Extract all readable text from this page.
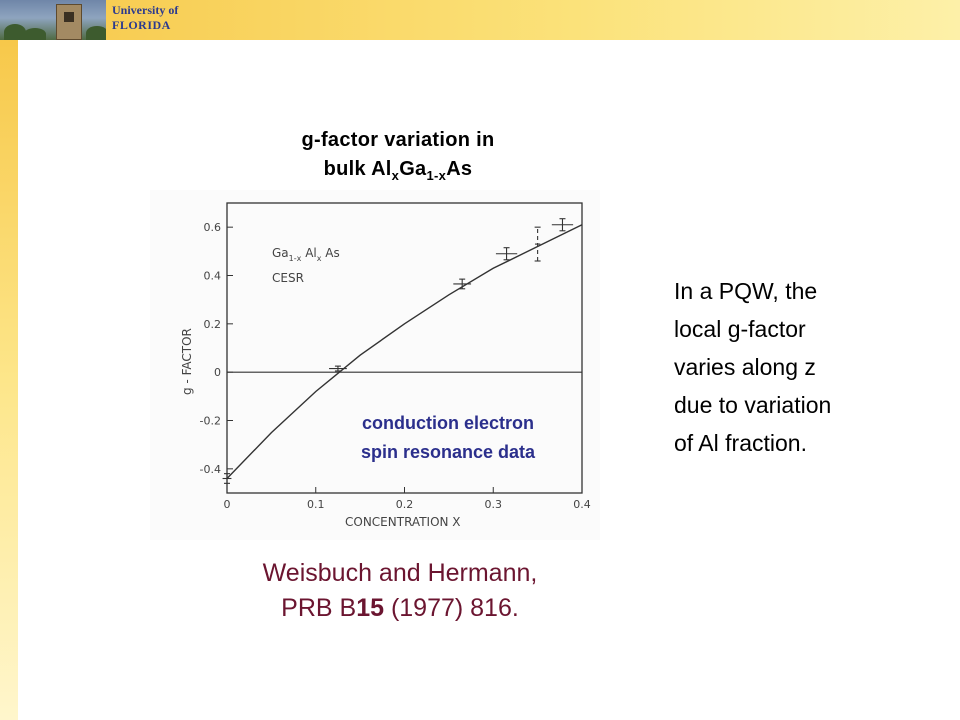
University of
FLORIDA
g-factor variation in
bulk $Al_xGa_{1-x}As$
0	0.1	0.2	0.3	0.4
0.6
0.4
0.2
0
-0.2
-0.4
$Ga_{1-x}$ $Al_x$ As
CESR
CONCENTRATION X
g - FACTOR
conduction electron
spin resonance data
Weisbuch and Hermann,
PRB B15 (1977) 816.
In a PQW, the
local g-factor
varies along z
due to variation
of Al fraction.
